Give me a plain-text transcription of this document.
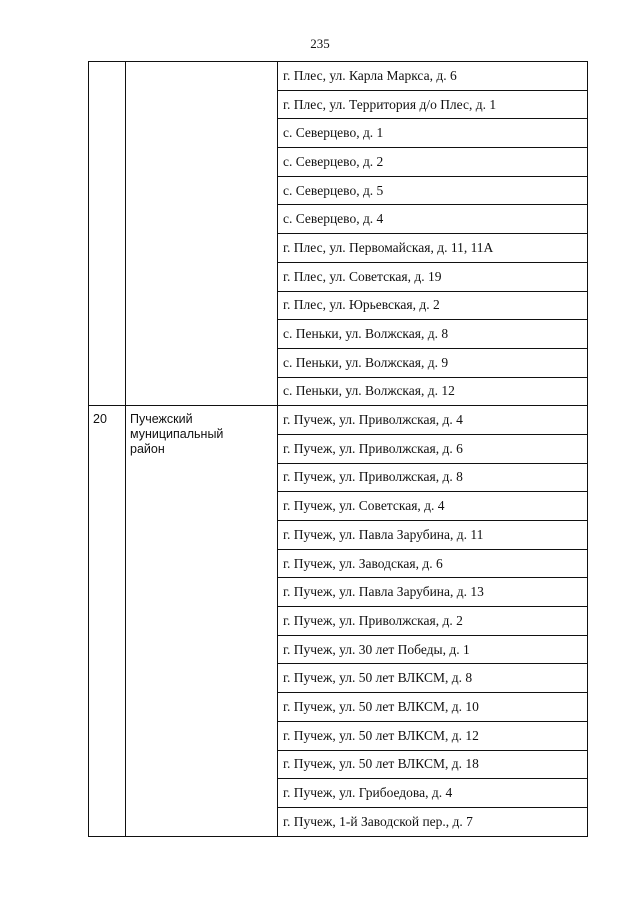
235
		г. Плес, ул. Карла Маркса, д. 6
		г. Плес, ул. Территория д/о Плес, д. 1
		с. Северцево, д. 1
		с. Северцево, д. 2
		с. Северцево, д. 5
		с. Северцево, д. 4
		г. Плес, ул. Первомайская, д. 11, 11А
		г. Плес, ул. Советская, д. 19
		г. Плес, ул. Юрьевская, д. 2
		с. Пеньки, ул. Волжская, д. 8
		с. Пеньки, ул. Волжская, д. 9
		с. Пеньки, ул. Волжская, д. 12
20	Пучежский
муниципальный
район	г. Пучеж, ул. Приволжская, д. 4
		г. Пучеж, ул. Приволжская, д. 6
		г. Пучеж, ул. Приволжская, д. 8
		г. Пучеж, ул. Советская, д. 4
		г. Пучеж, ул. Павла Зарубина, д. 11
		г. Пучеж, ул. Заводская, д. 6
		г. Пучеж, ул. Павла Зарубина, д. 13
		г. Пучеж, ул. Приволжская, д. 2
		г. Пучеж, ул. 30 лет Победы, д. 1
		г. Пучеж, ул. 50 лет ВЛКСМ, д. 8
		г. Пучеж, ул. 50 лет ВЛКСМ, д. 10
		г. Пучеж, ул. 50 лет ВЛКСМ, д. 12
		г. Пучеж, ул. 50 лет ВЛКСМ, д. 18
		г. Пучеж, ул. Грибоедова, д. 4
		г. Пучеж, 1-й Заводской пер., д. 7
